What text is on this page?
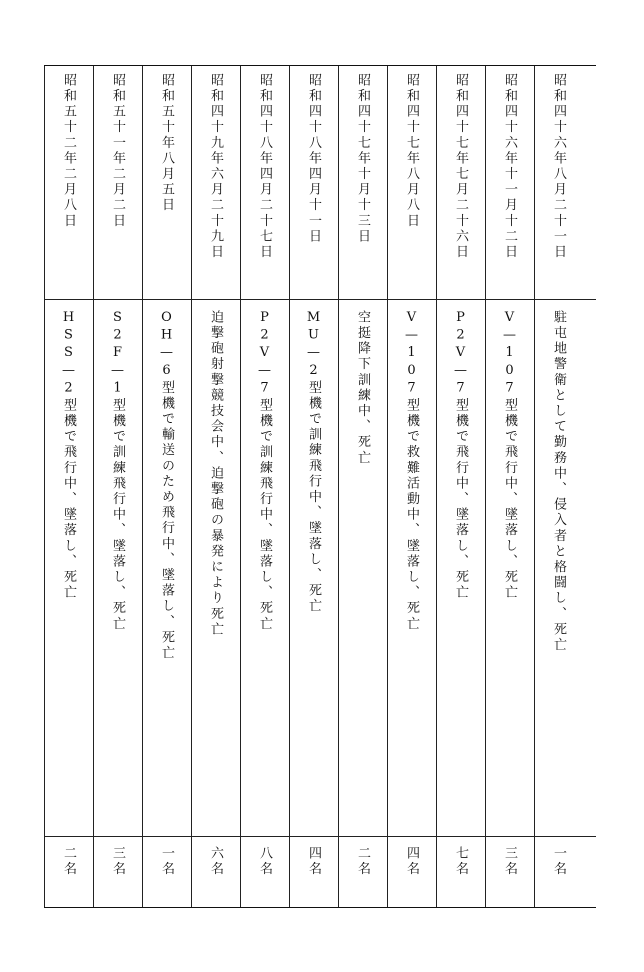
昭和四十六年八月二十一日
駐屯地警衛として勤務中、侵入者と格闘し、死亡
一名
昭和四十六年十一月十二日
V—107型機で飛行中、墜落し、死亡
三名
昭和四十七年七月二十六日
P2V—7型機で飛行中、墜落し、死亡
七名
昭和四十七年八月八日
V—107型機で救難活動中、墜落し、死亡
四名
昭和四十七年十月十三日
空挺降下訓練中、死亡
二名
昭和四十八年四月十一日
MU—2型機で訓練飛行中、墜落し、死亡
四名
昭和四十八年四月二十七日
P2V—7型機で訓練飛行中、墜落し、死亡
八名
昭和四十九年六月二十九日
迫撃砲射撃競技会中、迫撃砲の暴発により死亡
六名
昭和五十年八月五日
OH—6型機で輸送のため飛行中、墜落し、死亡
一名
昭和五十一年二月二日
S2F—1型機で訓練飛行中、墜落し、死亡
三名
昭和五十二年二月八日
HSS—2型機で飛行中、墜落し、死亡
二名
